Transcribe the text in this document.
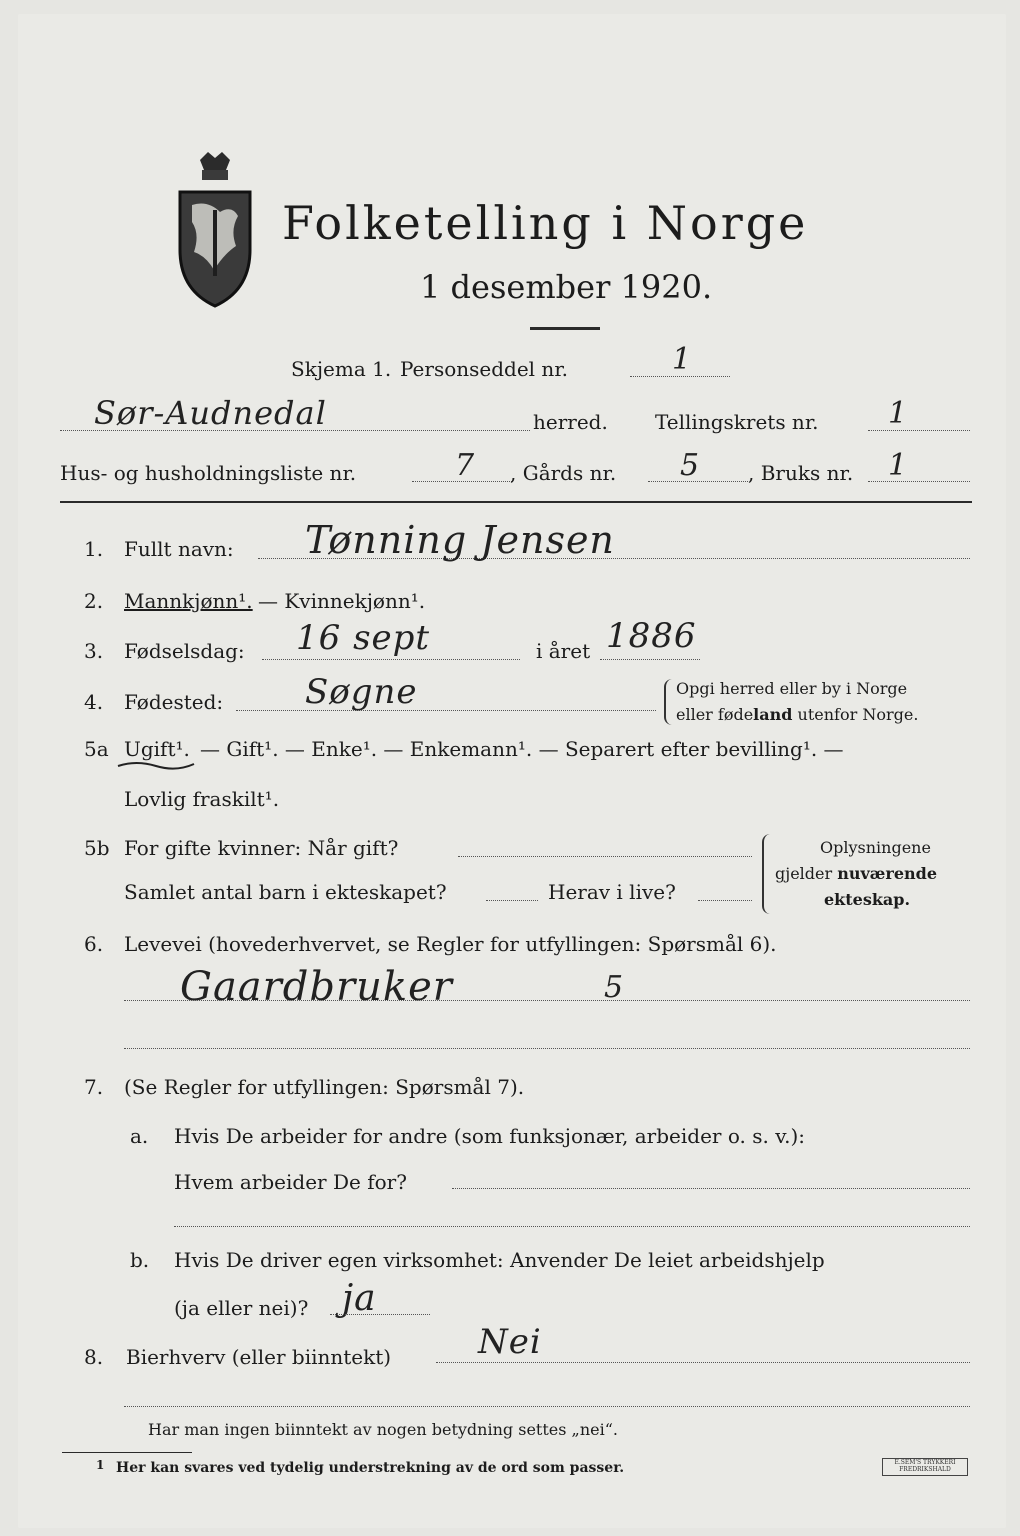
Folketelling i Norge
1 desember 1920.
Skjema 1. Personseddel nr.	1
Sør-Audnedal	herred. Tellingskrets nr. 1
Hus- og husholdningsliste nr.	7 , Gårds nr. 5 , Bruks nr. 1
1. Fullt navn: Tønning Jensen
2. Mannkjønn¹. — Kvinnekjønn¹.
3. Fødselsdag: 16 sept	i året 1886
4. Fødested: Søgne	Opgi herred eller by i Norge
eller fødeland utenfor Norge.
5a Ugift¹. — Gift¹. — Enke¹. — Enkemann¹. — Separert efter bevilling¹. —
Lovlig fraskilt¹.
5b For gifte kvinner: Når gift?
Samlet antal barn i ekteskapet?	Herav i live?
Oplysningene
gjelder nuværende
ekteskap.
6. Levevei (hovederhvervet, se Regler for utfyllingen: Spørsmål 6).
Gaardbruker	5
7. (Se Regler for utfyllingen: Spørsmål 7).
a. Hvis De arbeider for andre (som funksjonær, arbeider o. s. v.):
Hvem arbeider De for?
b. Hvis De driver egen virksomhet: Anvender De leiet arbeidshjelp
(ja eller nei)? ja
8. Bierhverv (eller biinntekt)	Nei
Har man ingen biinntekt av nogen betydning settes „nei“.
1 Her kan svares ved tydelig understrekning av de ord som passer.	E.SEM'S TRYKKERI
FREDRIKSHALD
